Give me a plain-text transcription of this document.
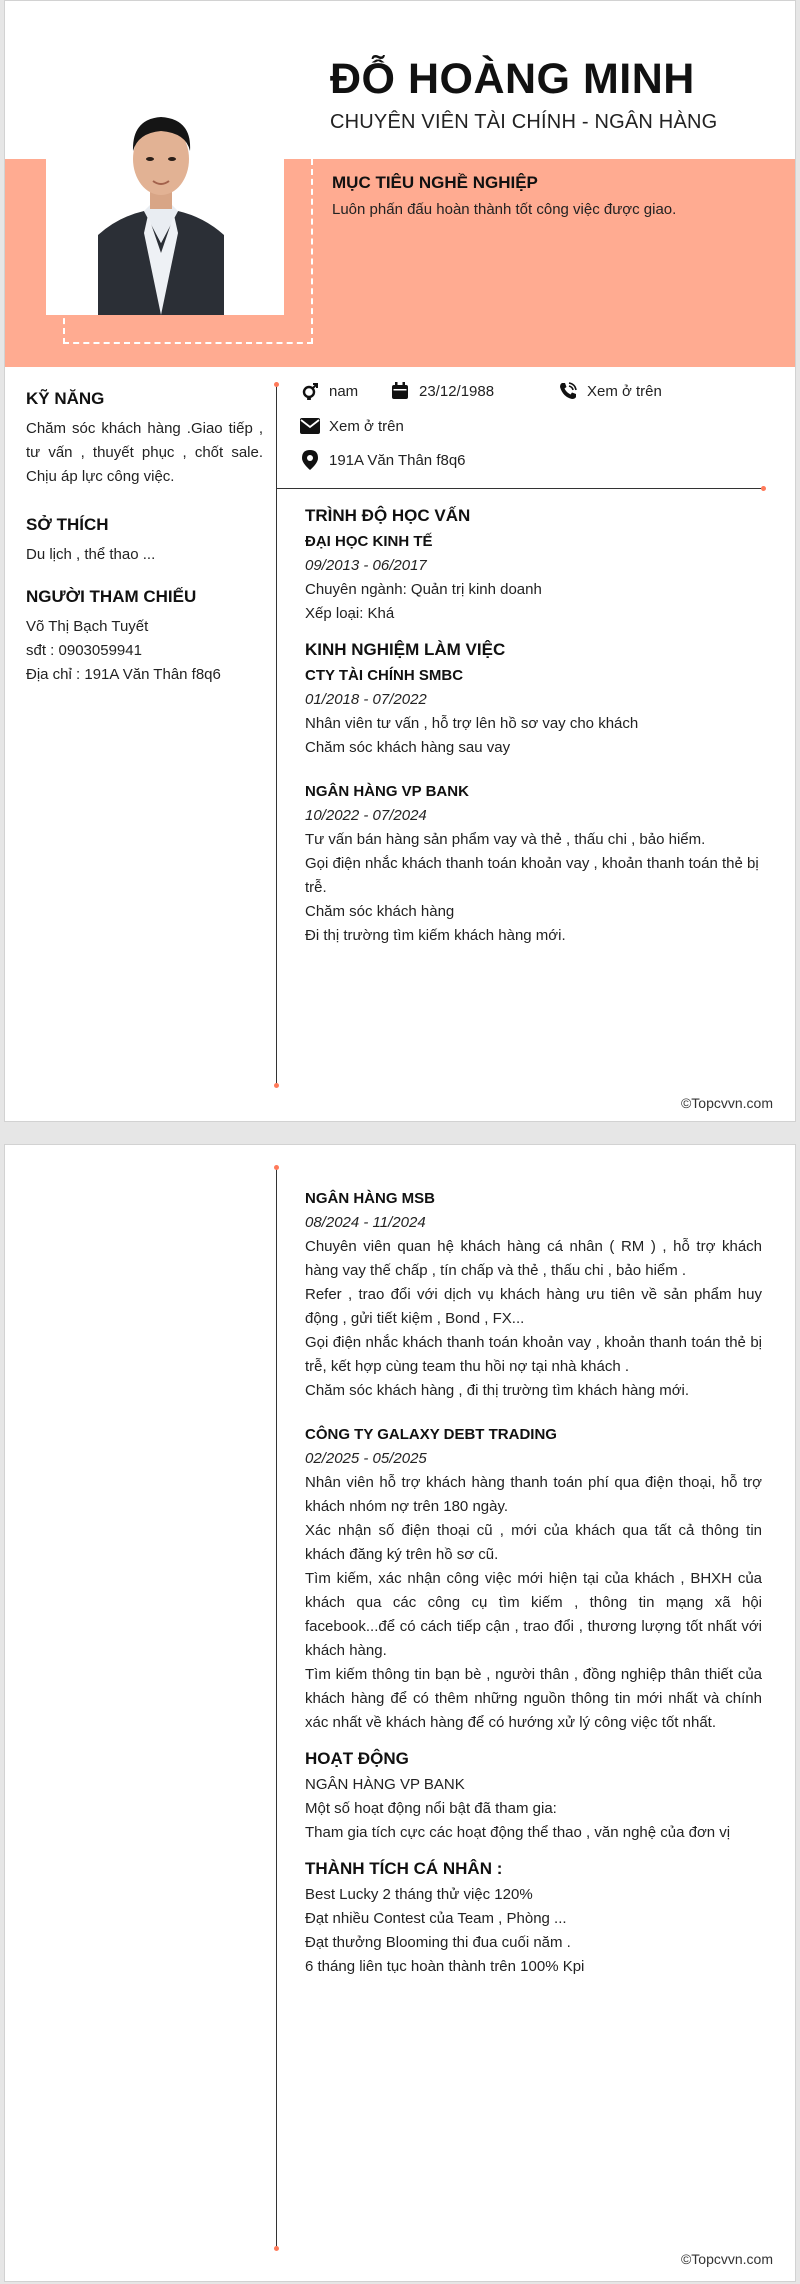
ĐỖ HOÀNG MINH
CHUYÊN VIÊN TÀI CHÍNH - NGÂN HÀNG
MỤC TIÊU NGHỀ NGHIỆP
Luôn phấn đấu hoàn thành tốt công việc được giao.
nam	23/12/1988	Xem ở trên
Xem ở trên
191A Văn Thân f8q6
KỸ NĂNG
Chăm sóc khách hàng .Giao tiếp , tư vấn , thuyết phục , chốt sale. Chịu áp lực công việc.
SỞ THÍCH
Du lịch , thể thao ...
NGƯỜI THAM CHIẾU
Võ Thị Bạch Tuyết
sđt : 0903059941
Địa chỉ : 191A Văn Thân f8q6
TRÌNH ĐỘ HỌC VẤN
ĐẠI HỌC KINH TẾ
09/2013 - 06/2017
Chuyên ngành: Quản trị kinh doanh
Xếp loại: Khá
KINH NGHIỆM LÀM VIỆC
CTY TÀI CHÍNH SMBC
01/2018 - 07/2022
Nhân viên tư vấn , hỗ trợ lên hồ sơ vay cho khách
Chăm sóc khách hàng sau vay
NGÂN HÀNG VP BANK
10/2022 - 07/2024
Tư vấn bán hàng sản phẩm vay và thẻ , thấu chi , bảo hiểm.
Gọi điện nhắc khách thanh toán khoản vay , khoản thanh toán thẻ bị trễ.
Chăm sóc khách hàng
Đi thị trường tìm kiếm khách hàng mới.
©Topcvvn.com
NGÂN HÀNG MSB
08/2024 - 11/2024
Chuyên viên quan hệ khách hàng cá nhân ( RM ) , hỗ trợ khách hàng vay thế chấp , tín chấp và thẻ , thấu chi , bảo hiểm .
Refer , trao đổi với dịch vụ khách hàng ưu tiên về sản phẩm huy động , gửi tiết kiệm , Bond , FX...
Gọi điện nhắc khách thanh toán khoản vay , khoản thanh toán thẻ bị trễ, kết hợp cùng team thu hồi nợ tại nhà khách .
Chăm sóc khách hàng , đi thị trường tìm khách hàng mới.
CÔNG TY GALAXY DEBT TRADING
02/2025 - 05/2025
Nhân viên hỗ trợ khách hàng thanh toán phí qua điện thoại, hỗ trợ khách nhóm nợ trên 180 ngày.
Xác nhận số điện thoại cũ , mới của khách qua tất cả thông tin khách đăng ký trên hồ sơ cũ.
Tìm kiếm, xác nhận công việc mới hiện tại của khách , BHXH của khách qua các công cụ tìm kiếm , thông tin mạng xã hội facebook...để có cách tiếp cận , trao đổi , thương lượng tốt nhất với khách hàng.
Tìm kiếm thông tin bạn bè , người thân , đồng nghiệp thân thiết của khách hàng để có thêm những nguồn thông tin mới nhất và chính xác nhất về khách hàng để có hướng xử lý công việc tốt nhất.
HOẠT ĐỘNG
NGÂN HÀNG VP BANK
Một số hoạt động nổi bật đã tham gia:
Tham gia tích cực các hoạt động thể thao , văn nghệ của đơn vị
THÀNH TÍCH CÁ NHÂN :
Best Lucky 2 tháng thử việc 120%
Đạt nhiều Contest của Team , Phòng ...
Đạt thưởng Blooming thi đua cuối năm .
6 tháng liên tục hoàn thành trên 100% Kpi
©Topcvvn.com
